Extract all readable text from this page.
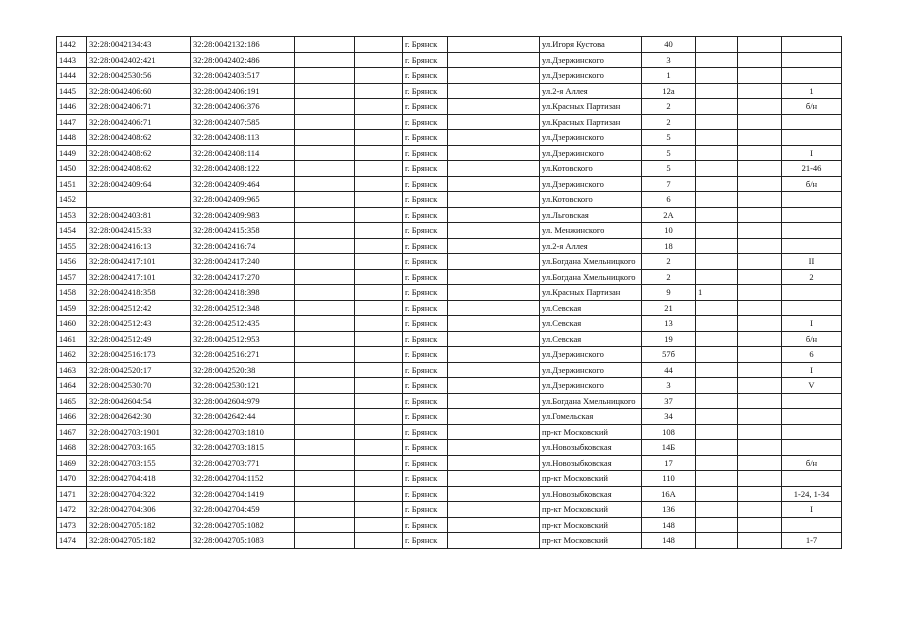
1442	32:28:0042134:43	32:28:0042132:186			г. Брянск		ул.Игоря Кустова	40			
1443	32:28:0042402:421	32:28:0042402:486			г. Брянск		ул.Дзержинского	3			
1444	32:28:0042530:56	32:28:0042403:517			г. Брянск		ул.Дзержинского	1			
1445	32:28:0042406:60	32:28:0042406:191			г. Брянск		ул.2-я Аллея	12а			1
1446	32:28:0042406:71	32:28:0042406:376			г. Брянск		ул.Красных Партизан	2			б/н
1447	32:28:0042406:71	32:28:0042407:585			г. Брянск		ул.Красных Партизан	2			
1448	32:28:0042408:62	32:28:0042408:113			г. Брянск		ул.Дзержинского	5			
1449	32:28:0042408:62	32:28:0042408:114			г. Брянск		ул.Дзержинского	5			I
1450	32:28:0042408:62	32:28:0042408:122			г. Брянск		ул.Котовского	5			21-46
1451	32:28:0042409:64	32:28:0042409:464			г. Брянск		ул.Дзержинского	7			б/н
1452		32:28:0042409:965			г. Брянск		ул.Котовского	6			
1453	32:28:0042403:81	32:28:0042409:983			г. Брянск		ул.Льговская	2А			
1454	32:28:0042415:33	32:28:0042415:358			г. Брянск		ул. Менжинского	10			
1455	32:28:0042416:13	32:28:0042416:74			г. Брянск		ул.2-я Аллея	18			
1456	32:28:0042417:101	32:28:0042417:240			г. Брянск		ул.Богдана Хмельницкого	2			II
1457	32:28:0042417:101	32:28:0042417:270			г. Брянск		ул.Богдана Хмельницкого	2			2
1458	32:28:0042418:358	32:28:0042418:398			г. Брянск		ул.Красных Партизан	9	1		
1459	32:28:0042512:42	32:28:0042512:348			г. Брянск		ул.Севская	21			
1460	32:28:0042512:43	32:28:0042512:435			г. Брянск		ул.Севская	13			I
1461	32:28:0042512:49	32:28:0042512:953			г. Брянск		ул.Севская	19			б/н
1462	32:28:0042516:173	32:28:0042516:271			г. Брянск		ул.Дзержинского	57б			6
1463	32:28:0042520:17	32:28:0042520:38			г. Брянск		ул.Дзержинского	44			I
1464	32:28:0042530:70	32:28:0042530:121			г. Брянск		ул.Дзержинского	3			V
1465	32:28:0042604:54	32:28:0042604:979			г. Брянск		ул.Богдана Хмельницкого	37			
1466	32:28:0042642:30	32:28:0042642:44			г. Брянск		ул.Гомельская	34			
1467	32:28:0042703:1901	32:28:0042703:1810			г. Брянск		пр-кт Московский	108			
1468	32:28:0042703:165	32:28:0042703:1815			г. Брянск		ул.Новозыбковская	14Б			
1469	32:28:0042703:155	32:28:0042703:771			г. Брянск		ул.Новозыбковская	17			б/н
1470	32:28:0042704:418	32:28:0042704:1152			г. Брянск		пр-кт Московский	110			
1471	32:28:0042704:322	32:28:0042704:1419			г. Брянск		ул.Новозыбковская	16А			1-24, 1-34
1472	32:28:0042704:306	32:28:0042704:459			г. Брянск		пр-кт Московский	136			I
1473	32:28:0042705:182	32:28:0042705:1082			г. Брянск		пр-кт Московский	148			
1474	32:28:0042705:182	32:28:0042705:1083			г. Брянск		пр-кт Московский	148			1-7
